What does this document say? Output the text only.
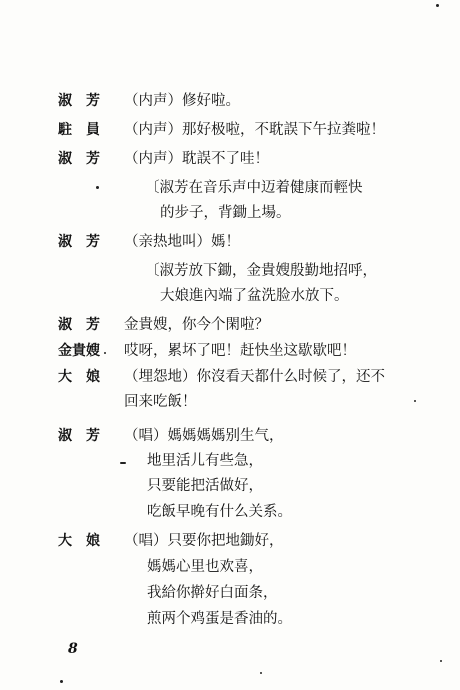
淑　芳	（内声）修好啦。
駐　員	（内声）那好极啦，不耽誤下午拉粪啦！
淑　芳	（内声）耽誤不了哇！
〔淑芳在音乐声中迈着健康而輕快
的步子，背鋤上場。
淑　芳	（亲热地叫）媽！
〔淑芳放下鋤，金貴嫂殷勤地招呼，
大娘進內端了盆洗脸水放下。
淑　芳	金貴嫂，你今个閑啦？
金貴嫂	哎呀，累坏了吧！赶快坐这歇歇吧！
大　娘	（埋怨地）你沒看天都什么时候了，还不
回来吃飯！
淑　芳	（唱）媽媽媽媽别生气，
地里活儿有些急，
只要能把活做好，
吃飯早晚有什么关系。
大　娘	（唱）只要你把地鋤好，
媽媽心里也欢喜，
我給你擀好白面条，
煎两个鸡蛋是香油的。
8
